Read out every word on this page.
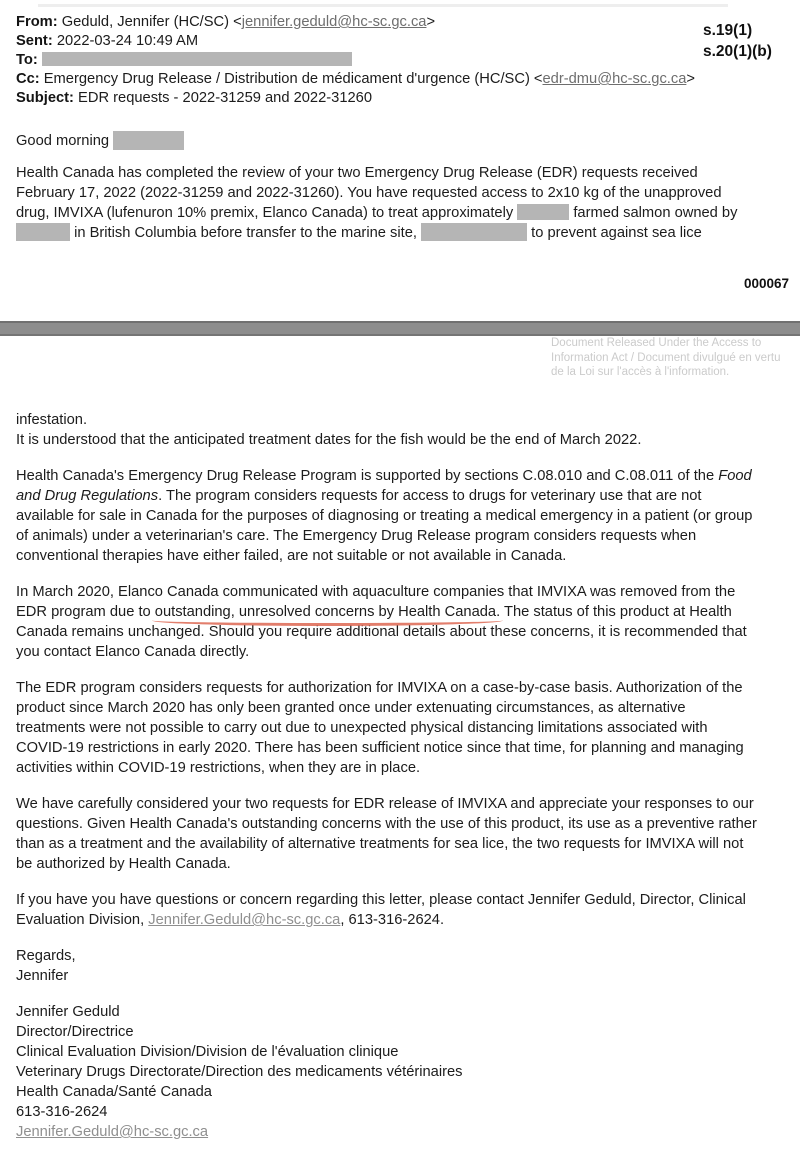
From: Geduld, Jennifer (HC/SC) <jennifer.geduld@hc-sc.gc.ca>
Sent: 2022-03-24 10:49 AM
To:
Cc: Emergency Drug Release / Distribution de médicament d'urgence (HC/SC) <edr-dmu@hc-sc.gc.ca>
Subject: EDR requests - 2022-31259 and 2022-31260
s.19(1)
s.20(1)(b)
Good morning
Health Canada has completed the review of your two Emergency Drug Release (EDR) requests received February 17, 2022 (2022-31259 and 2022-31260). You have requested access to 2x10 kg of the unapproved drug, IMVIXA (lufenuron 10% premix, Elanco Canada) to treat approximately	farmed salmon owned by  in British Columbia before transfer to the marine site,	to prevent against sea lice
000067
Document Released Under the Access to
Information Act / Document divulgué en vertu
de la Loi sur l'accès à l'information.
infestation.
It is understood that the anticipated treatment dates for the fish would be the end of March 2022.
Health Canada's Emergency Drug Release Program is supported by sections C.08.010 and C.08.011 of the Food and Drug Regulations. The program considers requests for access to drugs for veterinary use that are not available for sale in Canada for the purposes of diagnosing or treating a medical emergency in a patient (or group of animals) under a veterinarian's care. The Emergency Drug Release program considers requests when conventional therapies have either failed, are not suitable or not available in Canada.
In March 2020, Elanco Canada communicated with aquaculture companies that IMVIXA was removed from the EDR program due to outstanding, unresolved concerns by Health Canada. The status of this product at Health Canada remains unchanged. Should you require additional details about these concerns, it is recommended that you contact Elanco Canada directly.
The EDR program considers requests for authorization for IMVIXA on a case-by-case basis. Authorization of the product since March 2020 has only been granted once under extenuating circumstances, as alternative treatments were not possible to carry out due to unexpected physical distancing limitations associated with COVID-19 restrictions in early 2020. There has been sufficient notice since that time, for planning and managing activities within COVID-19 restrictions, when they are in place.
We have carefully considered your two requests for EDR release of IMVIXA and appreciate your responses to our questions. Given Health Canada's outstanding concerns with the use of this product, its use as a preventive rather than as a treatment and the availability of alternative treatments for sea lice, the two requests for IMVIXA will not be authorized by Health Canada.
If you have you have questions or concern regarding this letter, please contact Jennifer Geduld, Director, Clinical Evaluation Division, Jennifer.Geduld@hc-sc.gc.ca, 613-316-2624.
Regards,
Jennifer
Jennifer Geduld
Director/Directrice
Clinical Evaluation Division/Division de l'évaluation clinique
Veterinary Drugs Directorate/Direction des medicaments vétérinaires
Health Canada/Santé Canada
613-316-2624
Jennifer.Geduld@hc-sc.gc.ca
